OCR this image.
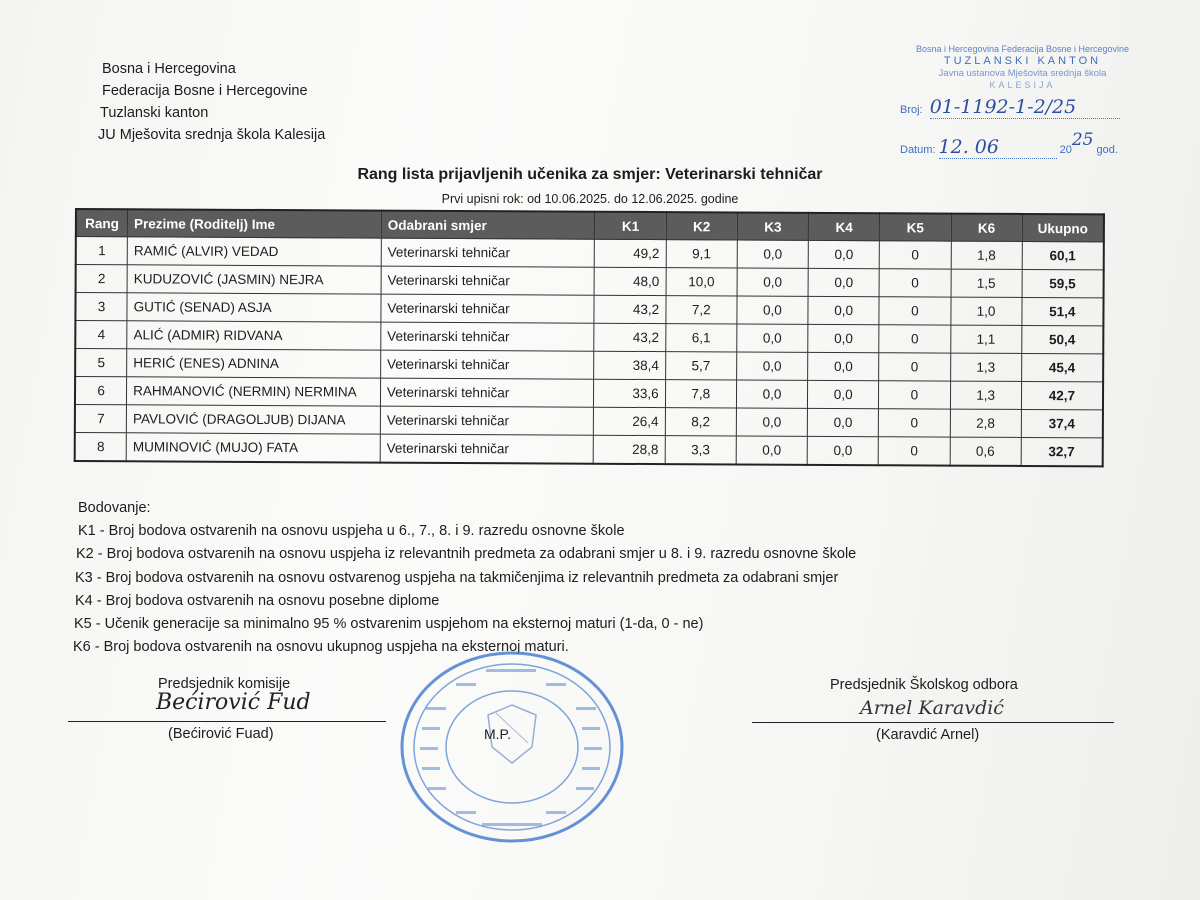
Bosna i Hercegovina
Federacija Bosne i Hercegovine
Tuzlanski kanton
JU Mješovita srednja škola Kalesija
Bosna i Hercegovina Federacija Bosne i Hercegovine
TUZLANSKI KANTON
Javna ustanova Mješovita srednja škola
KALESIJA
Broj: 01-1192-1-2/25
Datum: 12. 06	2025 god.
Rang lista prijavljenih učenika za smjer: Veterinarski tehničar
Prvi upisni rok: od 10.06.2025. do 12.06.2025. godine
Rang	Prezime (Roditelj) Ime	Odabrani smjer	K1	K2	K3	K4	K5	K6	Ukupno
1	RAMIĆ (ALVIR) VEDAD	Veterinarski tehničar	49,2	9,1	0,0	0,0	0	1,8	60,1
2	KUDUZOVIĆ (JASMIN) NEJRA	Veterinarski tehničar	48,0	10,0	0,0	0,0	0	1,5	59,5
3	GUTIĆ (SENAD) ASJA	Veterinarski tehničar	43,2	7,2	0,0	0,0	0	1,0	51,4
4	ALIĆ (ADMIR) RIDVANA	Veterinarski tehničar	43,2	6,1	0,0	0,0	0	1,1	50,4
5	HERIĆ (ENES) ADNINA	Veterinarski tehničar	38,4	5,7	0,0	0,0	0	1,3	45,4
6	RAHMANOVIĆ (NERMIN) NERMINA	Veterinarski tehničar	33,6	7,8	0,0	0,0	0	1,3	42,7
7	PAVLOVIĆ (DRAGOLJUB) DIJANA	Veterinarski tehničar	26,4	8,2	0,0	0,0	0	2,8	37,4
8	MUMINOVIĆ (MUJO) FATA	Veterinarski tehničar	28,8	3,3	0,0	0,0	0	0,6	32,7
Bodovanje:
K1 - Broj bodova ostvarenih na osnovu uspjeha u 6., 7., 8. i 9. razredu osnovne škole
K2 - Broj bodova ostvarenih na osnovu uspjeha iz relevantnih predmeta za odabrani smjer u 8. i 9. razredu osnovne škole
K3 - Broj bodova ostvarenih na osnovu ostvarenog uspjeha na takmičenjima iz relevantnih predmeta za odabrani smjer
K4 - Broj bodova ostvarenih na osnovu posebne diplome
K5 - Učenik generacije sa minimalno 95 % ostvarenim uspjehom na eksternoj maturi (1-da, 0 - ne)
K6 - Broj bodova ostvarenih na osnovu ukupnog uspjeha na eksternoj maturi.
M.P.
Predsjednik komisije
Bećirović Fud
(Bećirović Fuad)
Predsjednik Školskog odbora
Arnel Karavdić
(Karavdić Arnel)
